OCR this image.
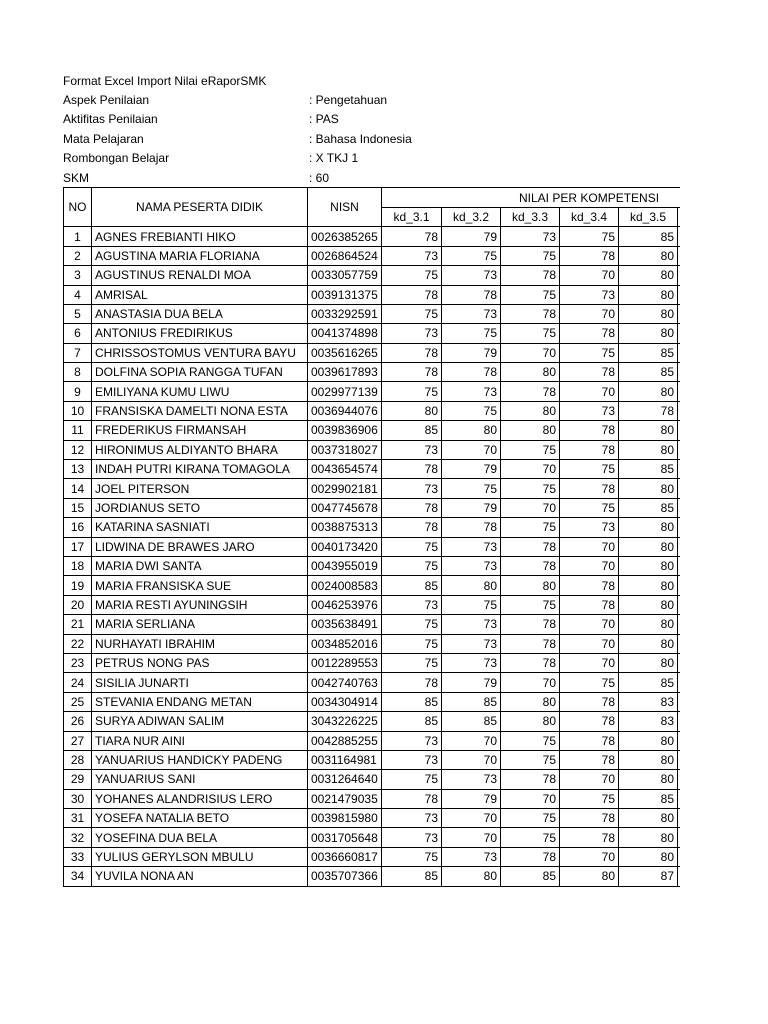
Format Excel Import Nilai eRaporSMK
Aspek Penilaian	: Pengetahuan
Aktifitas Penilaian	: PAS
Mata Pelajaran	: Bahasa Indonesia
Rombongan Belajar	: X TKJ 1
SKM	: 60
NO	NAMA PESERTA DIDIK	NISN	NILAI PER KOMPETENSI					
			kd_3.1	kd_3.2	kd_3.3	kd_3.4	kd_3.5	
1	AGNES FREBIANTI HIKO	0026385265	78	79	73	75	85	
2	AGUSTINA MARIA FLORIANA	0026864524	73	75	75	78	80	
3	AGUSTINUS RENALDI MOA	0033057759	75	73	78	70	80	
4	AMRISAL	0039131375	78	78	75	73	80	
5	ANASTASIA DUA BELA	0033292591	75	73	78	70	80	
6	ANTONIUS FREDIRIKUS	0041374898	73	75	75	78	80	
7	CHRISSOSTOMUS VENTURA BAYU	0035616265	78	79	70	75	85	
8	DOLFINA SOPIA RANGGA TUFAN	0039617893	78	78	80	78	85	
9	EMILIYANA KUMU LIWU	0029977139	75	73	78	70	80	
10	FRANSISKA DAMELTI NONA ESTA	0036944076	80	75	80	73	78	
11	FREDERIKUS FIRMANSAH	0039836906	85	80	80	78	80	
12	HIRONIMUS ALDIYANTO BHARA	0037318027	73	70	75	78	80	
13	INDAH PUTRI KIRANA TOMAGOLA	0043654574	78	79	70	75	85	
14	JOEL PITERSON	0029902181	73	75	75	78	80	
15	JORDIANUS SETO	0047745678	78	79	70	75	85	
16	KATARINA SASNIATI	0038875313	78	78	75	73	80	
17	LIDWINA DE BRAWES JARO	0040173420	75	73	78	70	80	
18	MARIA DWI SANTA	0043955019	75	73	78	70	80	
19	MARIA FRANSISKA SUE	0024008583	85	80	80	78	80	
20	MARIA RESTI AYUNINGSIH	0046253976	73	75	75	78	80	
21	MARIA SERLIANA	0035638491	75	73	78	70	80	
22	NURHAYATI IBRAHIM	0034852016	75	73	78	70	80	
23	PETRUS NONG PAS	0012289553	75	73	78	70	80	
24	SISILIA JUNARTI	0042740763	78	79	70	75	85	
25	STEVANIA ENDANG METAN	0034304914	85	85	80	78	83	
26	SURYA ADIWAN SALIM	3043226225	85	85	80	78	83	
27	TIARA NUR AINI	0042885255	73	70	75	78	80	
28	YANUARIUS HANDICKY PADENG	0031164981	73	70	75	78	80	
29	YANUARIUS SANI	0031264640	75	73	78	70	80	
30	YOHANES ALANDRISIUS LERO	0021479035	78	79	70	75	85	
31	YOSEFA NATALIA BETO	0039815980	73	70	75	78	80	
32	YOSEFINA DUA BELA	0031705648	73	70	75	78	80	
33	YULIUS GERYLSON MBULU	0036660817	75	73	78	70	80	
34	YUVILA NONA AN	0035707366	85	80	85	80	87	
